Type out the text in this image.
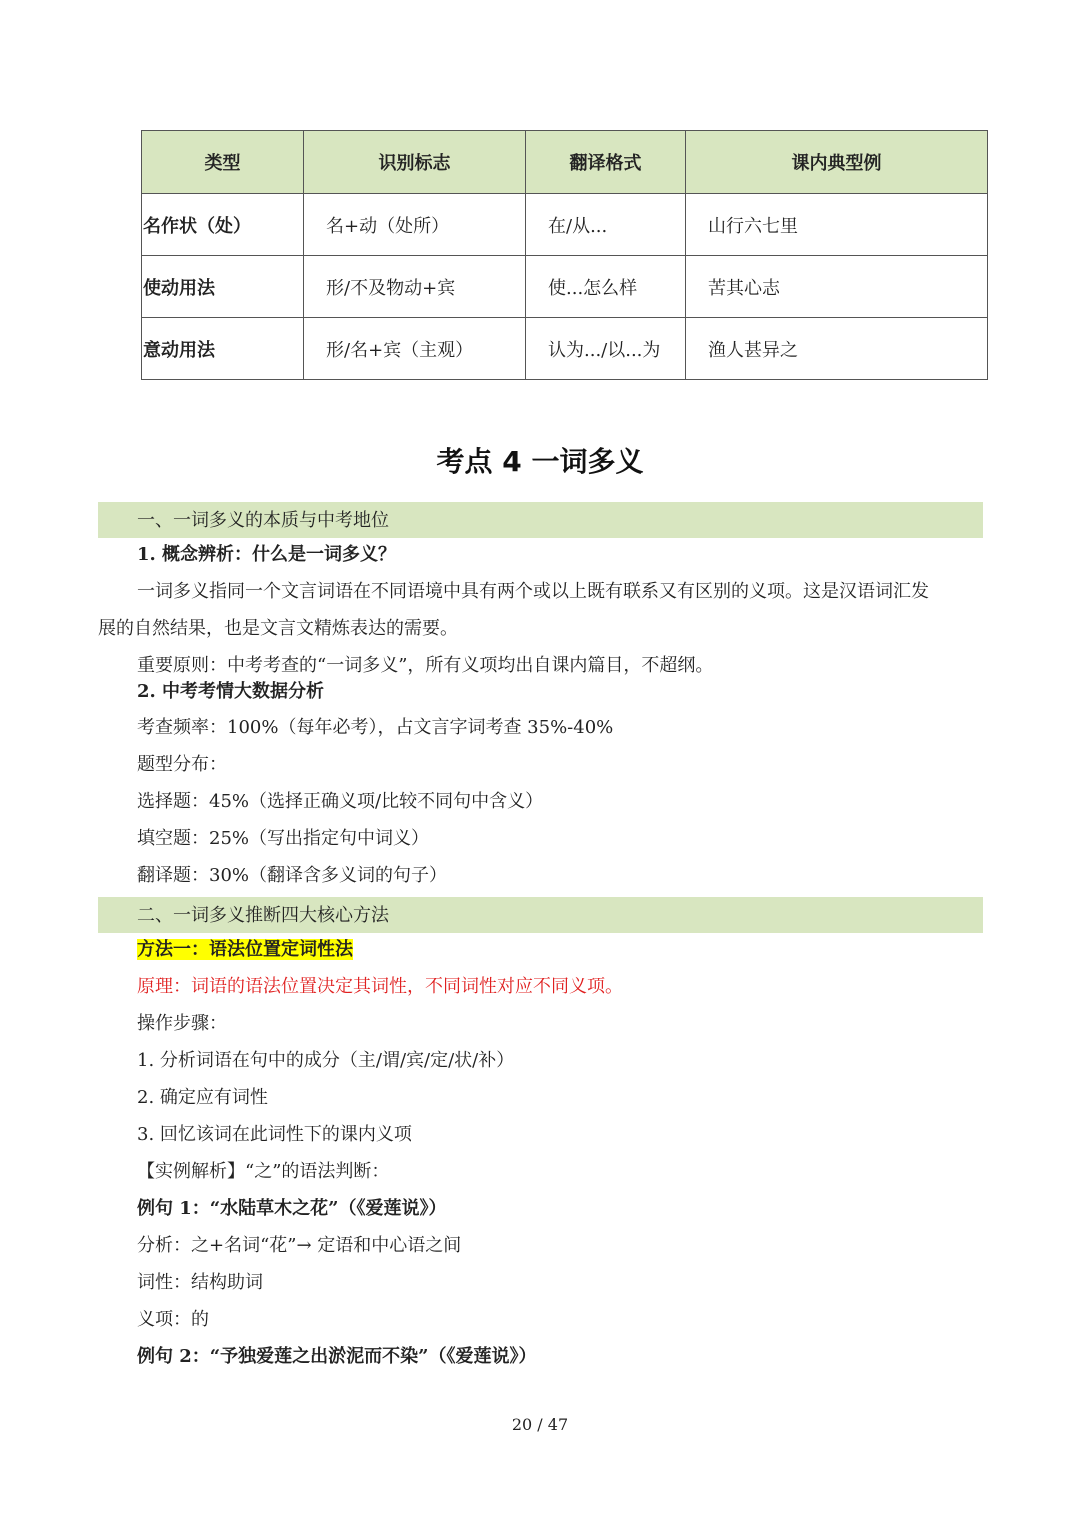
类型	识别标志	翻译格式	课内典型例
名作状（处）	名+动（处所）	在/从...	山行六七里
使动用法	形/不及物动+宾	使...怎么样	苦其心志
意动用法	形/名+宾（主观）	认为.../以...为	渔人甚异之
考点 4 一词多义
一、一词多义的本质与中考地位
1. 概念辨析：什么是一词多义？
一词多义指同一个文言词语在不同语境中具有两个或以上既有联系又有区别的义项。这是汉语词汇发
展的自然结果，也是文言文精炼表达的需要。
重要原则：中考考查的“一词多义”，所有义项均出自课内篇目，不超纲。
2. 中考考情大数据分析
考查频率：100%（每年必考），占文言字词考查 35%-40%
题型分布：
选择题：45%（选择正确义项/比较不同句中含义）
填空题：25%（写出指定句中词义）
翻译题：30%（翻译含多义词的句子）
二、一词多义推断四大核心方法
方法一：语法位置定词性法
原理：词语的语法位置决定其词性，不同词性对应不同义项。
操作步骤：
1. 分析词语在句中的成分（主/谓/宾/定/状/补）
2. 确定应有词性
3. 回忆该词在此词性下的课内义项
【实例解析】“之”的语法判断：
例句 1：“水陆草木之花”（《爱莲说》）
分析：之+名词“花”→ 定语和中心语之间
词性：结构助词
义项：的
例句 2：“予独爱莲之出淤泥而不染”（《爱莲说》）
20 / 47
